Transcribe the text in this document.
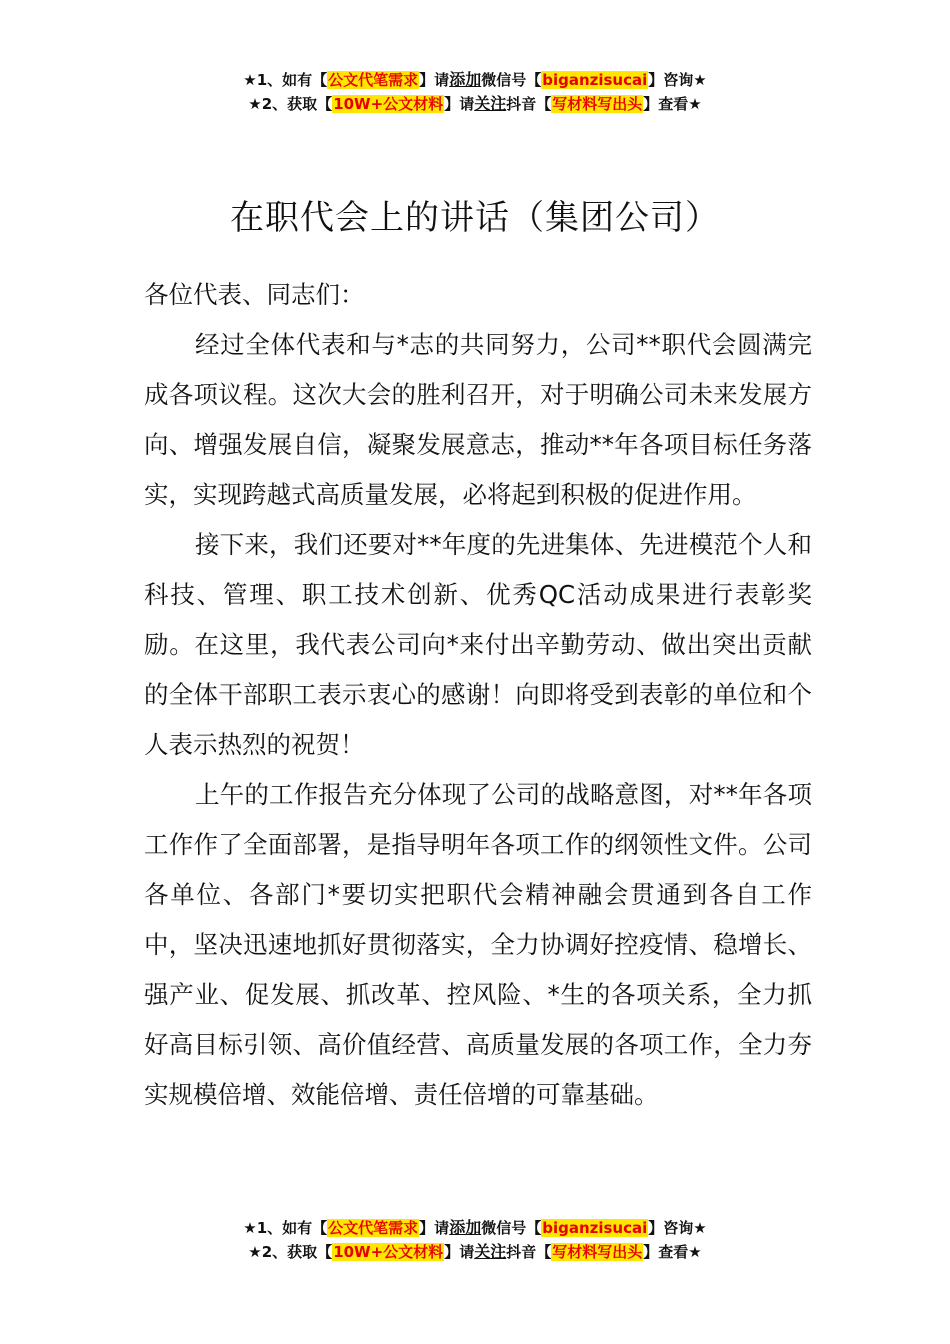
★1、如有【公文代笔需求】请添加微信号【biganzisucai】咨询★
★2、获取【10W+公文材料】请关注抖音【写材料写出头】查看★
在职代会上的讲话（集团公司）

各位代表、同志们：

经过全体代表和与*志的共同努力，公司**职代会圆满完成各项议程。这次大会的胜利召开，对于明确公司未来发展方向、增强发展自信，凝聚发展意志，推动**年各项目标任务落实，实现跨越式高质量发展，必将起到积极的促进作用。

接下来，我们还要对**年度的先进集体、先进模范个人和科技、管理、职工技术创新、优秀QC活动成果进行表彰奖励。在这里，我代表公司向*来付出辛勤劳动、做出突出贡献的全体干部职工表示衷心的感谢！向即将受到表彰的单位和个人表示热烈的祝贺！

上午的工作报告充分体现了公司的战略意图，对**年各项工作作了全面部署，是指导明年各项工作的纲领性文件。公司各单位、各部门*要切实把职代会精神融会贯通到各自工作中，坚决迅速地抓好贯彻落实，全力协调好控疫情、稳增长、强产业、促发展、抓改革、控风险、*生的各项关系，全力抓好高目标引领、高价值经营、高质量发展的各项工作，全力夯实规模倍增、效能倍增、责任倍增的可靠基础。

★1、如有【公文代笔需求】请添加微信号【biganzisucai】咨询★
★2、获取【10W+公文材料】请关注抖音【写材料写出头】查看★
